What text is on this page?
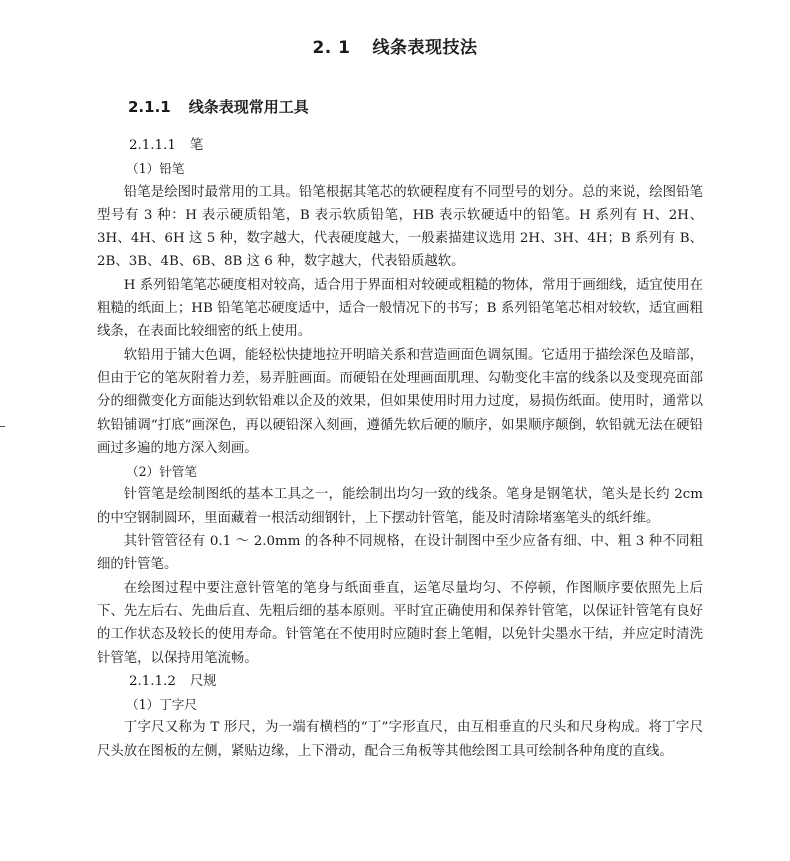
2. 1 线条表现技法
2.1.1 线条表现常用工具
2.1.1.1 笔
（1）铅笔

铅笔是绘图时最常用的工具。铅笔根据其笔芯的软硬程度有不同型号的划分。总的来说，绘图铅笔型号有 3 种：H 表示硬质铅笔，B 表示软质铅笔，HB 表示软硬适中的铅笔。H 系列有 H、2H、3H、4H、6H 这 5 种，数字越大，代表硬度越大，一般素描建议选用 2H、3H、4H；B 系列有 B、2B、3B、4B、6B、8B 这 6 种，数字越大，代表铅质越软。

H 系列铅笔笔芯硬度相对较高，适合用于界面相对较硬或粗糙的物体，常用于画细线，适宜使用在粗糙的纸面上；HB 铅笔笔芯硬度适中，适合一般情况下的书写；B 系列铅笔笔芯相对较软，适宜画粗线条，在表面比较细密的纸上使用。

软铅用于铺大色调，能轻松快捷地拉开明暗关系和营造画面色调氛围。它适用于描绘深色及暗部，但由于它的笔灰附着力差，易弄脏画面。而硬铅在处理画面肌理、勾勒变化丰富的线条以及变现亮面部分的细微变化方面能达到软铅难以企及的效果，但如果使用时用力过度，易损伤纸面。使用时，通常以软铅铺调“打底”画深色，再以硬铅深入刻画，遵循先软后硬的顺序，如果顺序颠倒，软铅就无法在硬铅画过多遍的地方深入刻画。

（2）针管笔

针管笔是绘制图纸的基本工具之一，能绘制出均匀一致的线条。笔身是钢笔状，笔头是长约 2cm 的中空钢制圆环，里面藏着一根活动细钢针，上下摆动针管笔，能及时清除堵塞笔头的纸纤维。

其针管管径有 0.1 ～ 2.0mm 的各种不同规格，在设计制图中至少应备有细、中、粗 3 种不同粗细的针管笔。

在绘图过程中要注意针管笔的笔身与纸面垂直，运笔尽量均匀、不停顿，作图顺序要依照先上后下、先左后右、先曲后直、先粗后细的基本原则。平时宜正确使用和保养针管笔，以保证针管笔有良好的工作状态及较长的使用寿命。针管笔在不使用时应随时套上笔帽，以免针尖墨水干结，并应定时清洗针管笔，以保持用笔流畅。

2.1.1.2 尺规
（1）丁字尺

丁字尺又称为 T 形尺，为一端有横档的“丁”字形直尺，由互相垂直的尺头和尺身构成。将丁字尺尺头放在图板的左侧，紧贴边缘，上下滑动，配合三角板等其他绘图工具可绘制各种角度的直线。
